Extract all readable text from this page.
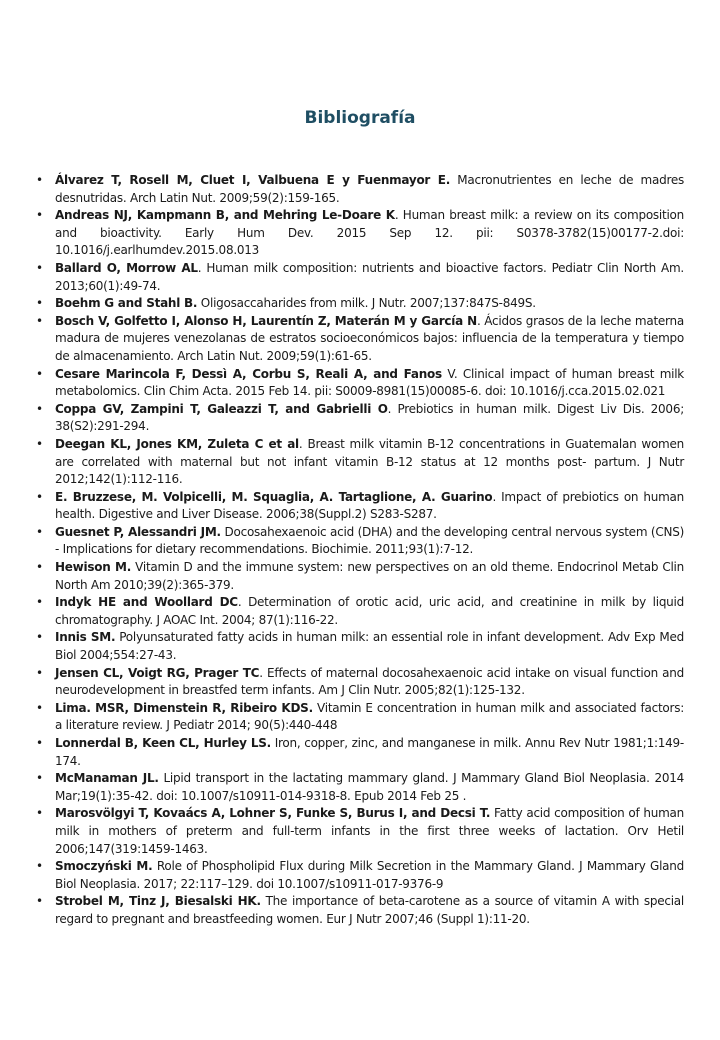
Bibliografía
• Álvarez T, Rosell M, Cluet I, Valbuena E y Fuenmayor E. Macronutrientes en leche de madres desnutridas. Arch Latin Nut. 2009;59(2):159-165.
• Andreas NJ, Kampmann B, and Mehring Le-Doare K. Human breast milk: a review on its composition and bioactivity. Early Hum Dev. 2015 Sep 12. pii: S0378-3782(15)00177-2.doi: 10.1016/j.earlhumdev.2015.08.013
• Ballard O, Morrow AL. Human milk composition: nutrients and bioactive factors. Pediatr Clin North Am. 2013;60(1):49-74.
• Boehm G and Stahl B. Oligosaccaharides from milk. J Nutr. 2007;137:847S-849S.
• Bosch V, Golfetto I, Alonso H, Laurentín Z, Materán M y García N. Ácidos grasos de la leche materna madura de mujeres venezolanas de estratos socioeconómicos bajos: influencia de la temperatura y tiempo de almacenamiento. Arch Latin Nut. 2009;59(1):61-65.
• Cesare Marincola F, Dessì A, Corbu S, Reali A, and Fanos V. Clinical impact of human breast milk metabolomics. Clin Chim Acta. 2015 Feb 14. pii: S0009-8981(15)00085-6. doi: 10.1016/j.cca.2015.02.021
• Coppa GV, Zampini T, Galeazzi T, and Gabrielli O. Prebiotics in human milk. Digest Liv Dis. 2006; 38(S2):291-294.
• Deegan KL, Jones KM, Zuleta C et al. Breast milk vitamin B-12 concentrations in Guatemalan women are correlated with maternal but not infant vitamin B-12 status at 12 months post- partum. J Nutr 2012;142(1):112-116.
• E. Bruzzese, M. Volpicelli, M. Squaglia, A. Tartaglione, A. Guarino. Impact of prebiotics on human health. Digestive and Liver Disease. 2006;38(Suppl.2) S283-S287.
• Guesnet P, Alessandri JM. Docosahexaenoic acid (DHA) and the developing central nervous system (CNS) - Implications for dietary recommendations. Biochimie. 2011;93(1):7-12.
• Hewison M. Vitamin D and the immune system: new perspectives on an old theme. Endocrinol Metab Clin North Am 2010;39(2):365-379.
• Indyk HE and Woollard DC. Determination of orotic acid, uric acid, and creatinine in milk by liquid chromatography. J AOAC Int. 2004; 87(1):116-22.
• Innis SM. Polyunsaturated fatty acids in human milk: an essential role in infant development. Adv Exp Med Biol 2004;554:27-43.
• Jensen CL, Voigt RG, Prager TC. Effects of maternal docosahexaenoic acid intake on visual function and neurodevelopment in breastfed term infants. Am J Clin Nutr. 2005;82(1):125-132.
• Lima. MSR, Dimenstein R, Ribeiro KDS. Vitamin E concentration in human milk and associated factors: a literature review. J Pediatr 2014; 90(5):440-448
• Lonnerdal B, Keen CL, Hurley LS. Iron, copper, zinc, and manganese in milk. Annu Rev Nutr 1981;1:149-174.
• McManaman JL. Lipid transport in the lactating mammary gland. J Mammary Gland Biol Neoplasia. 2014 Mar;19(1):35-42. doi: 10.1007/s10911-014-9318-8. Epub 2014 Feb 25 .
• Marosvölgyi T, Kovaács A, Lohner S, Funke S, Burus I, and Decsi T. Fatty acid composition of human milk in mothers of preterm and full-term infants in the first three weeks of lactation. Orv Hetil 2006;147(319:1459-1463.
• Smoczyński M. Role of Phospholipid Flux during Milk Secretion in the Mammary Gland. J Mammary Gland Biol Neoplasia. 2017; 22:117–129. doi 10.1007/s10911-017-9376-9
• Strobel M, Tinz J, Biesalski HK. The importance of beta-carotene as a source of vitamin A with special regard to pregnant and breastfeeding women. Eur J Nutr 2007;46 (Suppl 1):11-20.
